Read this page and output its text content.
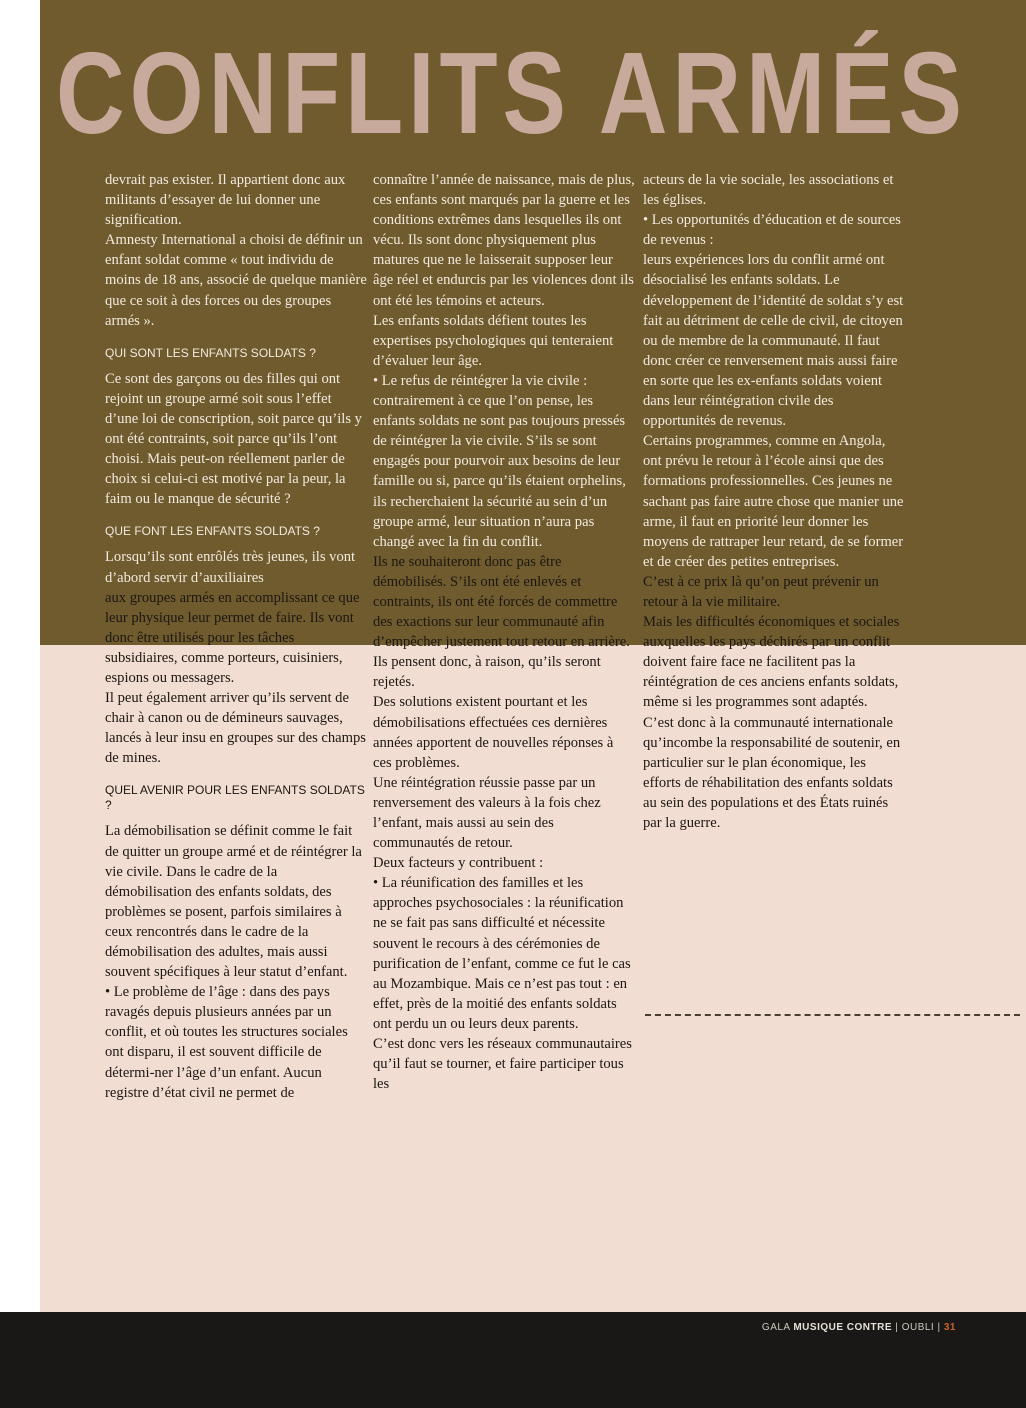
CONFLITS ARMÉS

devrait pas exister. Il appartient donc aux militants d’essayer de lui donner une signification.

Amnesty International a choisi de définir un enfant soldat comme « tout individu de moins de 18 ans, associé de quelque manière que ce soit à des forces ou des groupes armés ».

QUI SONT LES ENFANTS SOLDATS ?

Ce sont des garçons ou des filles qui ont rejoint un groupe armé soit sous l’effet d’une loi de conscription, soit parce qu’ils y ont été contraints, soit parce qu’ils l’ont choisi. Mais peut-on réellement parler de choix si celui-ci est motivé par la peur, la faim ou le manque de sécurité ?

QUE FONT LES ENFANTS SOLDATS ?

Lorsqu’ils sont enrôlés très jeunes, ils vont d’abord servir d’auxiliaires

aux groupes armés en accomplissant ce que leur physique leur permet de faire. Ils vont donc être utilisés pour les tâches subsidiaires, comme porteurs, cuisiniers, espions ou messagers.

Il peut également arriver qu’ils servent de chair à canon ou de démineurs sauvages, lancés à leur insu en groupes sur des champs de mines.

QUEL AVENIR POUR LES ENFANTS SOLDATS ?

La démobilisation se définit comme le fait de quitter un groupe armé et de réintégrer la vie civile. Dans le cadre de la démobilisation des enfants soldats, des problèmes se posent, parfois similaires à ceux rencontrés dans le cadre de la démobilisation des adultes, mais aussi souvent spécifiques à leur statut d’enfant.

• Le problème de l’âge : dans des pays ravagés depuis plusieurs années par un conflit, et où toutes les structures sociales ont disparu, il est souvent difficile de détermi-ner l’âge d’un enfant. Aucun registre d’état civil ne permet de

connaître l’année de naissance, mais de plus, ces enfants sont marqués par la guerre et les conditions extrêmes dans lesquelles ils ont vécu. Ils sont donc physiquement plus matures que ne le laisserait supposer leur âge réel et endurcis par les violences dont ils ont été les témoins et acteurs.

Les enfants soldats défient toutes les expertises psychologiques qui tenteraient d’évaluer leur âge.

• Le refus de réintégrer la vie civile : contrairement à ce que l’on pense, les enfants soldats ne sont pas toujours pressés de réintégrer la vie civile. S’ils se sont engagés pour pourvoir aux besoins de leur famille ou si, parce qu’ils étaient orphelins, ils recherchaient la sécurité au sein d’un groupe armé, leur situation n’aura pas changé avec la fin du conflit.

Ils ne souhaiteront donc pas être démobilisés. S’ils ont été enlevés et contraints, ils ont été forcés de commettre des exactions sur leur communauté afin d’empêcher justement tout retour en arrière.

Ils pensent donc, à raison, qu’ils seront rejetés.

Des solutions existent pourtant et les démobilisations effectuées ces dernières années apportent de nouvelles réponses à ces problèmes.

Une réintégration réussie passe par un renversement des valeurs à la fois chez l’enfant, mais aussi au sein des communautés de retour.

Deux facteurs y contribuent :

• La réunification des familles et les approches psychosociales : la réunification ne se fait pas sans difficulté et nécessite souvent le recours à des cérémonies de purification de l’enfant, comme ce fut le cas au Mozambique. Mais ce n’est pas tout : en effet, près de la moitié des enfants soldats ont perdu un ou leurs deux parents.

C’est donc vers les réseaux communautaires qu’il faut se tourner, et faire participer tous les

acteurs de la vie sociale, les associations et les églises.

• Les opportunités d’éducation et de sources de revenus :

leurs expériences lors du conflit armé ont désocialisé les enfants soldats. Le développement de l’identité de soldat s’y est fait au détriment de celle de civil, de citoyen ou de membre de la communauté. Il faut donc créer ce renversement mais aussi faire en sorte que les ex-enfants soldats voient dans leur réintégration civile des opportunités de revenus.

Certains programmes, comme en Angola, ont prévu le retour à l’école ainsi que des formations professionnelles. Ces jeunes ne sachant pas faire autre chose que manier une arme, il faut en priorité leur donner les moyens de rattraper leur retard, de se former et de créer des petites entreprises.

C’est à ce prix là qu’on peut prévenir un retour à la vie militaire.

Mais les difficultés économiques et sociales auxquelles les pays déchirés par un conflit doivent faire face ne facilitent pas la réintégration de ces anciens enfants soldats, même si les programmes sont adaptés.

C’est donc à la communauté internationale qu’incombe la responsabilité de soutenir, en particulier sur le plan économique, les efforts de réhabilitation des enfants soldats au sein des populations et des États ruinés par la guerre.

GALA MUSIQUE CONTRE | OUBLI | 31
